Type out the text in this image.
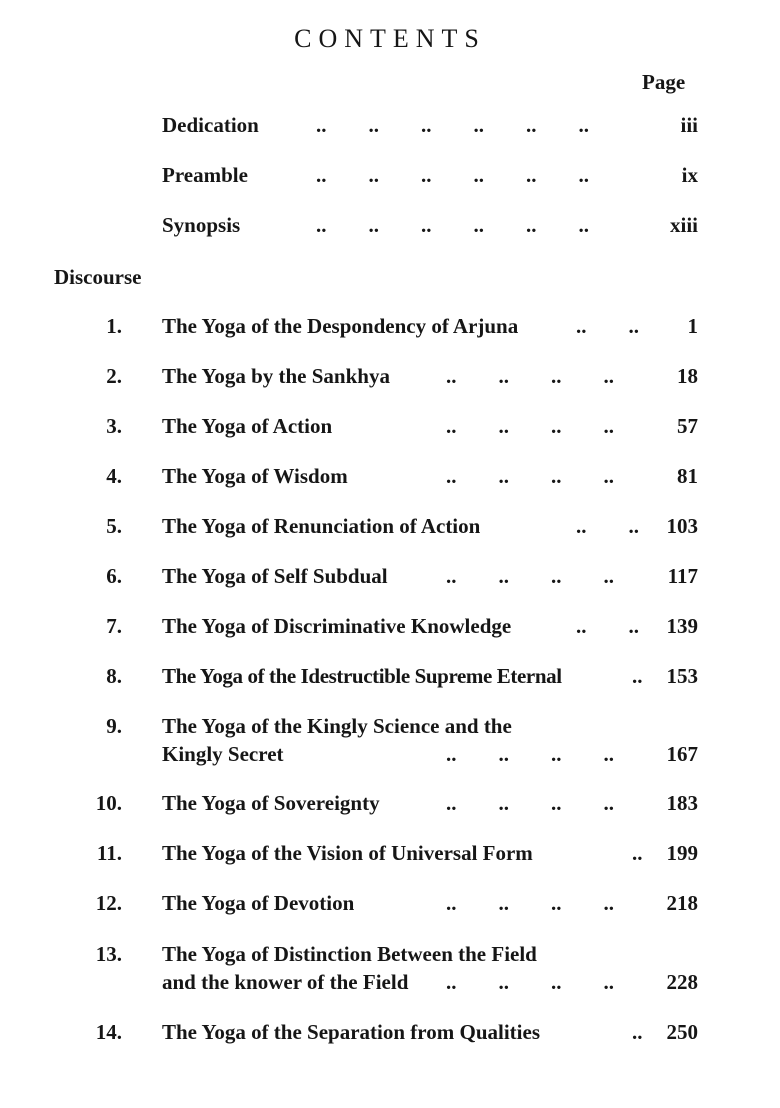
CONTENTS
Page
Dedication	..        ..        ..        ..        ..        ..	iii
Preamble	..        ..        ..        ..        ..        ..	ix
Synopsis	..        ..        ..        ..        ..        ..	xiii
Discourse
1. The Yoga of the Despondency of Arjuna	..        .. 1
2. The Yoga by the Sankhya	..        ..        ..        ..	18
3. The Yoga of Action	..        ..        ..        ..	57
4. The Yoga of Wisdom	..        ..        ..        ..	81
5. The Yoga of Renunciation of Action	..        .. 103
6. The Yoga of Self Subdual	..        ..        ..        ..	117
7. The Yoga of Discriminative Knowledge	..        .. 139
8. The Yoga of the Idestructible Supreme Eternal	.. 153
9. The Yoga of the Kingly Science and the
Kingly Secret	..        ..        ..        ..	167
10. The Yoga of Sovereignty	..        ..        ..        ..	183
11. The Yoga of the Vision of Universal Form	.. 199
12. The Yoga of Devotion	..        ..        ..        ..	218
13. The Yoga of Distinction Between the Field
and the knower of the Field ..        ..        ..        ..	228
14. The Yoga of the Separation from Qualities	.. 250
